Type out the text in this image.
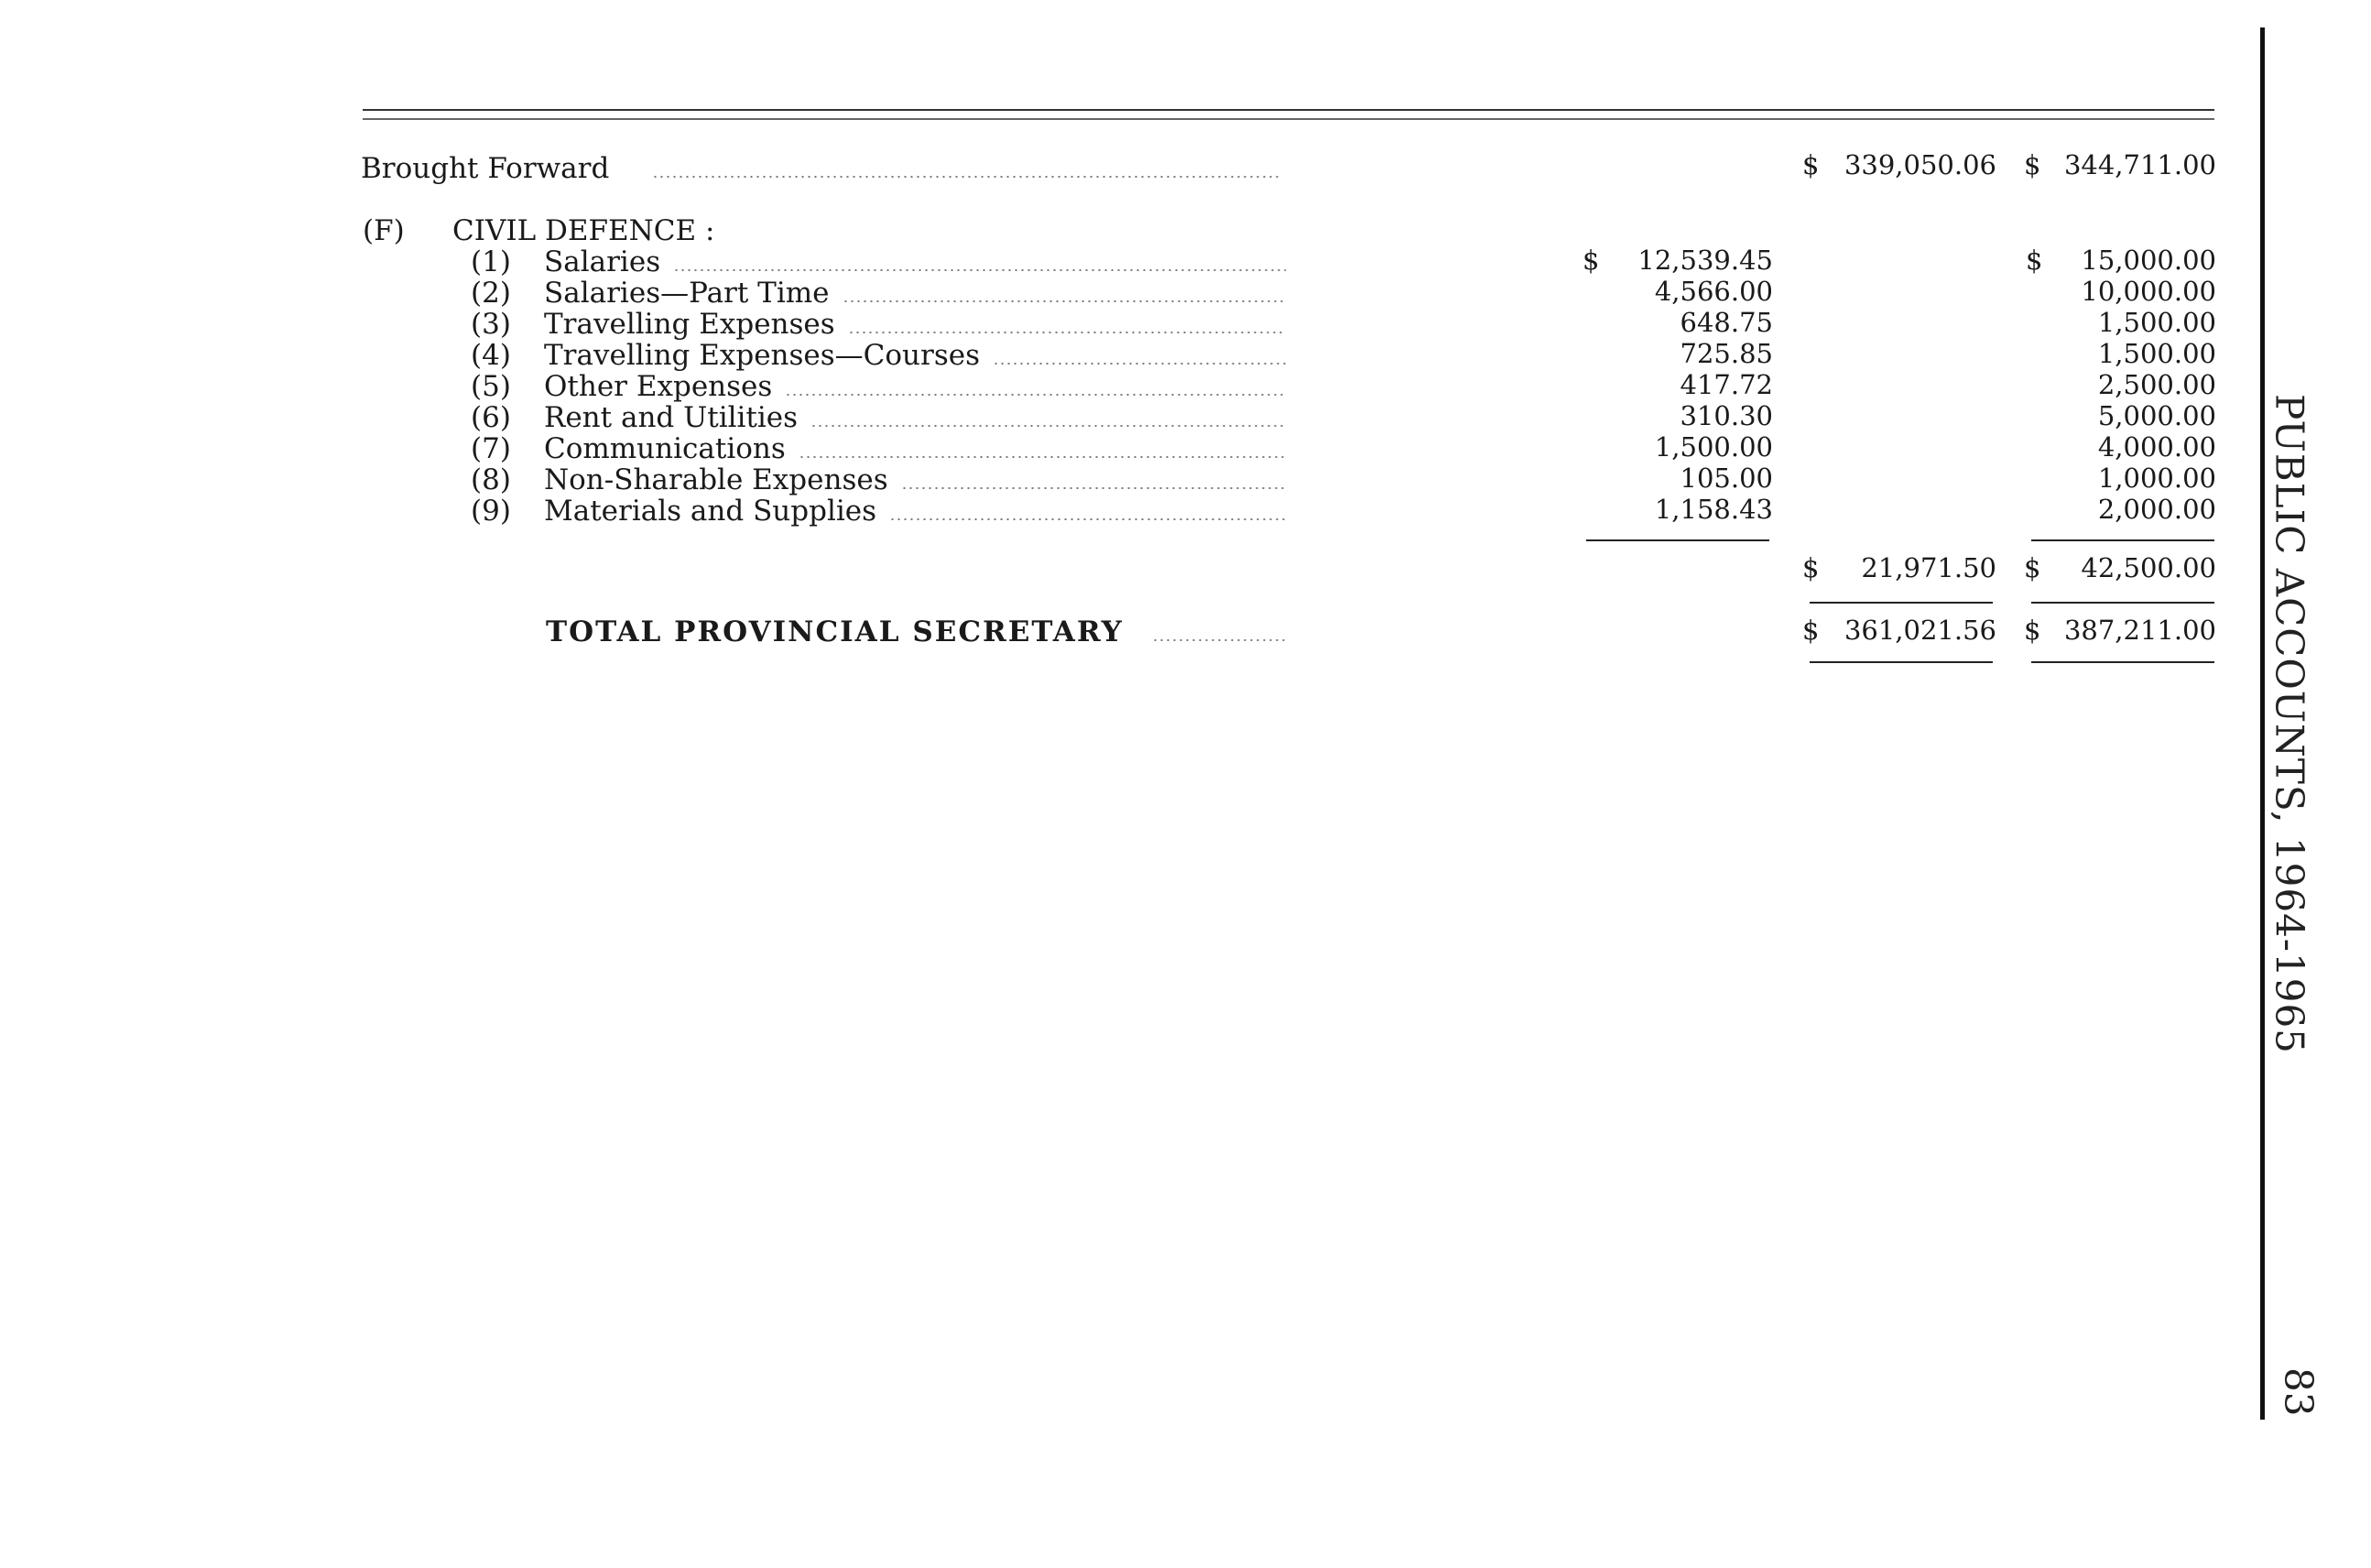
PUBLIC ACCOUNTS, 1964-1965
83
Brought Forward	$ 339,050.06 $ 344,711.00
(F) CIVIL DEFENCE :
(1) Salaries	$	12,539.45	$	15,000.00
(2) Salaries—Part Time	4,566.00	10,000.00
(3) Travelling Expenses	648.75	1,500.00
(4) Travelling Expenses—Courses	725.85	1,500.00
(5) Other Expenses	417.72	2,500.00
(6) Rent and Utilities	310.30	5,000.00
(7) Communications	1,500.00	4,000.00
(8) Non-Sharable Expenses	105.00	1,000.00
(9) Materials and Supplies	1,158.43	2,000.00
$	21,971.50 $	42,500.00
TOTAL PROVINCIAL SECRETARY	$ 361,021.56 $ 387,211.00
